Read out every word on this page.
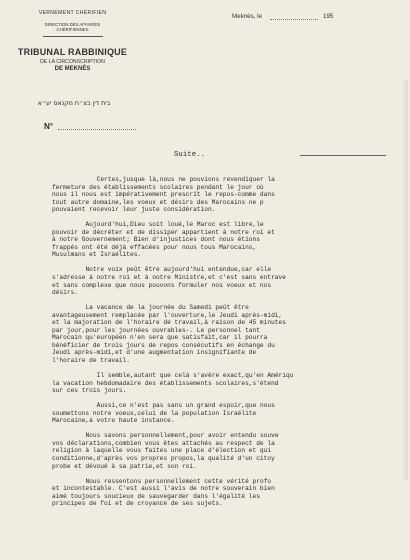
VERNEMENT CHÉRIFIEN
DIRECTION DES AFFAIRES
CHÉRIFIENNES
TRIBUNAL RABBINIQUE
DE LA CIRCONSCRIPTION
DE MEKNÈS
בית דין בצ״ח מקנאס יע״א
N°
Meknès, le	195
Suite..
Certes,jusque là,nous ne pouvions revendiquer la
fermeture des établissements scolaires pendant le jour où
nous il nous est impérativement prescrit le repos-comme dans
tout autre domaine,les voeux et désirs des Marocains ne p
pouvaient recevoir leur juste considération.
Aujourd'hui,Dieu soit loué,le Maroc est libre,le
pouvoir de décréter et de dissiper appartient à notre roi et
à notre Gouvernement; Bien d'injustices dont nous étions
frappés ont été déjà effacées pour nous tous Marocains,
Musulmans et Israélites.
Notre voix peût être aujourd'hui entendue,car elle
s'adresse à notre roi et à notre Ministre,et c'est sans entrave
et sans complexe que nous pouvons formuler nos voeux et nos
désirs.
La vacance de la journée du Samedi peût être
avantageusement remplacée par l'ouverture,le Jeudi après-midi,
et la majoration de l'horaire de travail,à raison de 45 minutes
par jour,pour les journées ouvrables-. Le personnel tant
Marocain qu'européen n'en sera que satisfait,car il pourra
bénéficier de trois jours de repos consécutifs en échange du
Jeudi après-midi,et d'une augmentation insignifiante de
l'horaire de travail.
Il semble,autant que celà s'avère exact,qu'en Amériqu
la vacation hebdomadaire des établissements scolaires,s'étend
sur ces trois jours.
Aussi,ce n'est pas sans un grand espoir,que nous
soumettons notre voeux,celui de la population Israélite
Marocaine,à votre haute instance.
Nous savons personnellement,pour avoir entendu souve
vos déclarations,combien vous êtes attachés au respect de la
religion à laquelle vous faites une place d'élection et qui
conditionne,d'après vos propres propos,la qualité d'un citoy
probe et dévoué à sa patrie,et son roi.
Nous ressentons personnellement cette vérité profo
et incontestable. C'est aussi l'avis de notre souverain bien
aimé toujours soucieux de sauvegarder dans l'égalité les
principes de foi et de croyance de ses sujets.
